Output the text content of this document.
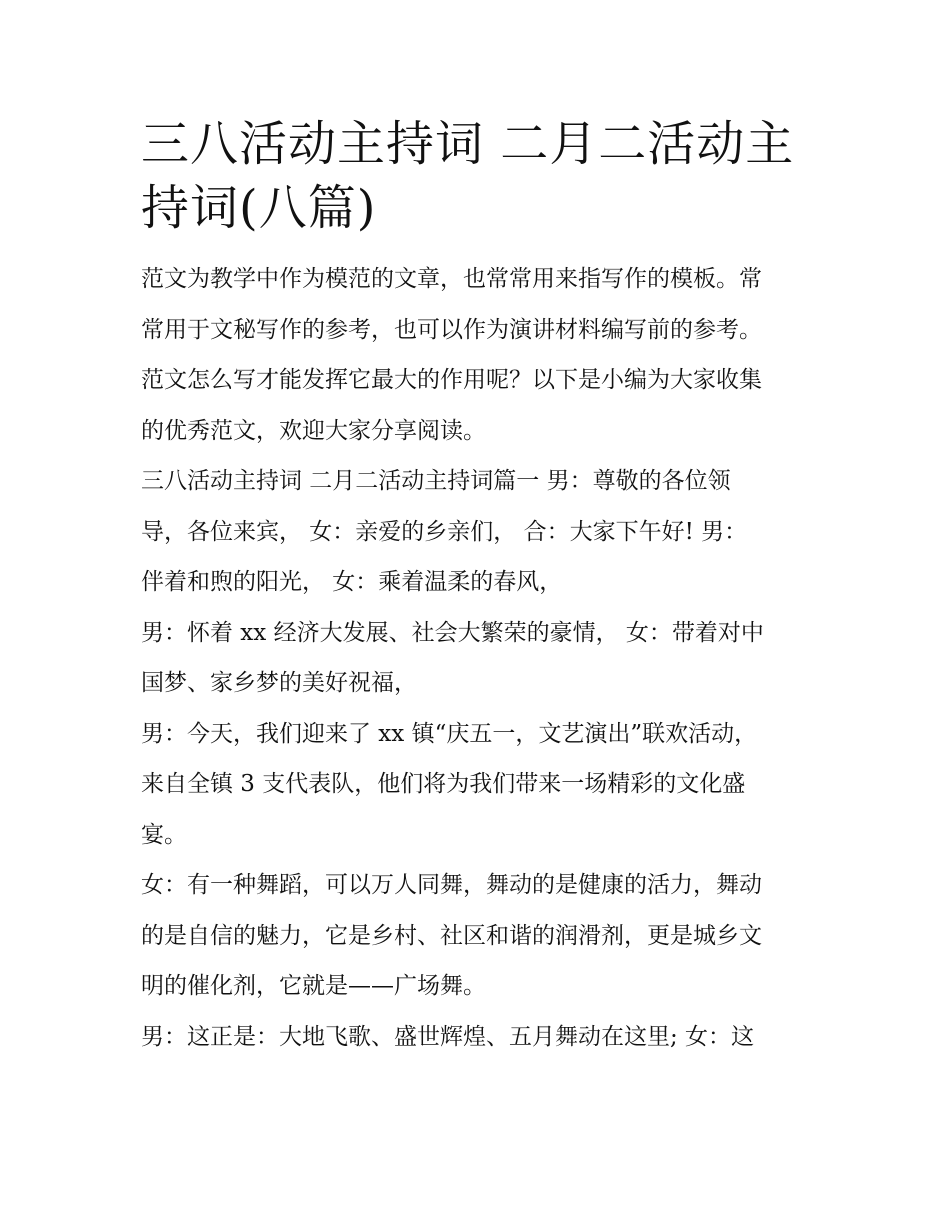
三八活动主持词 二月二活动主
持词(八篇)

范文为教学中作为模范的文章，也常常用来指写作的模板。常
常用于文秘写作的参考，也可以作为演讲材料编写前的参考。
范文怎么写才能发挥它最大的作用呢？以下是小编为大家收集
的优秀范文，欢迎大家分享阅读。

三八活动主持词 二月二活动主持词篇一 男：尊敬的各位领
导，各位来宾， 女：亲爱的乡亲们， 合：大家下午好! 男：
伴着和煦的阳光， 女：乘着温柔的春风，

男：怀着 xx 经济大发展、社会大繁荣的豪情， 女：带着对中
国梦、家乡梦的美好祝福，

男：今天，我们迎来了 xx 镇“庆五一，文艺演出”联欢活动，
来自全镇 3 支代表队，他们将为我们带来一场精彩的文化盛
宴。

女：有一种舞蹈，可以万人同舞，舞动的是健康的活力，舞动
的是自信的魅力，它是乡村、社区和谐的润滑剂，更是城乡文
明的催化剂，它就是——广场舞。

男：这正是：大地飞歌、盛世辉煌、五月舞动在这里; 女：这
